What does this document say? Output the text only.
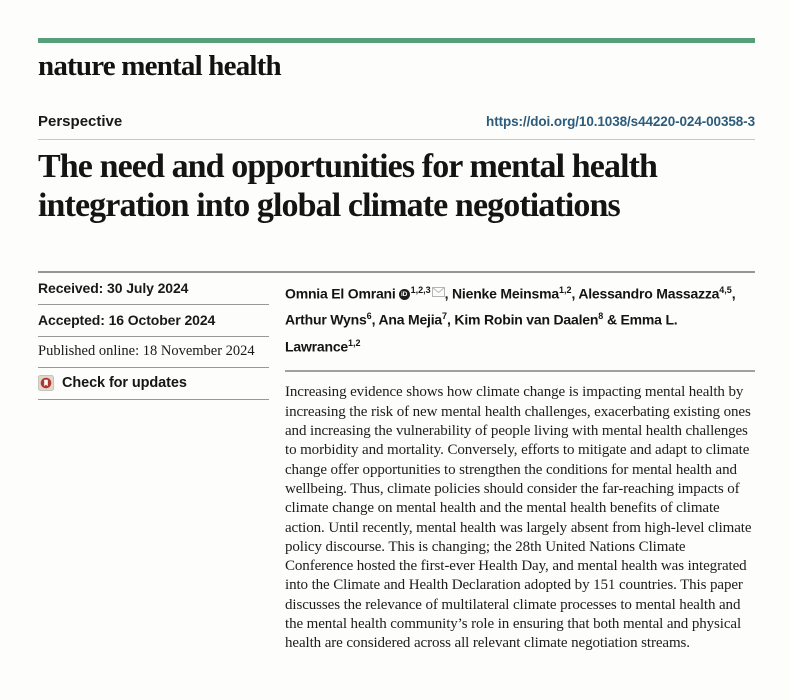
nature mental health
Perspective	https://doi.org/10.1038/s44220-024-00358-3
The need and opportunities for mental health integration into global climate negotiations
Received: 30 July 2024
Accepted: 16 October 2024
Published online: 18 November 2024
Check for updates
Omnia El Omrani iD$^{1,2,3}$ , Nienke Meinsma$^{1,2}$, Alessandro Massazza$^{4,5}$, Arthur Wyns$^6$, Ana Mejia$^7$, Kim Robin van Daalen$^8$ & Emma L. Lawrance$^{1,2}$

Increasing evidence shows how climate change is impacting mental health by increasing the risk of new mental health challenges, exacerbating existing ones and increasing the vulnerability of people living with mental health challenges to morbidity and mortality. Conversely, efforts to mitigate and adapt to climate change offer opportunities to strengthen the conditions for mental health and wellbeing. Thus, climate policies should consider the far-reaching impacts of climate change on mental health and the mental health benefits of climate action. Until recently, mental health was largely absent from high-level climate policy discourse. This is changing; the 28th United Nations Climate Conference hosted the first-ever Health Day, and mental health was integrated into the Climate and Health Declaration adopted by 151 countries. This paper discusses the relevance of multilateral climate processes to mental health and the mental health community’s role in ensuring that both mental and physical health are considered across all relevant climate negotiation streams.
